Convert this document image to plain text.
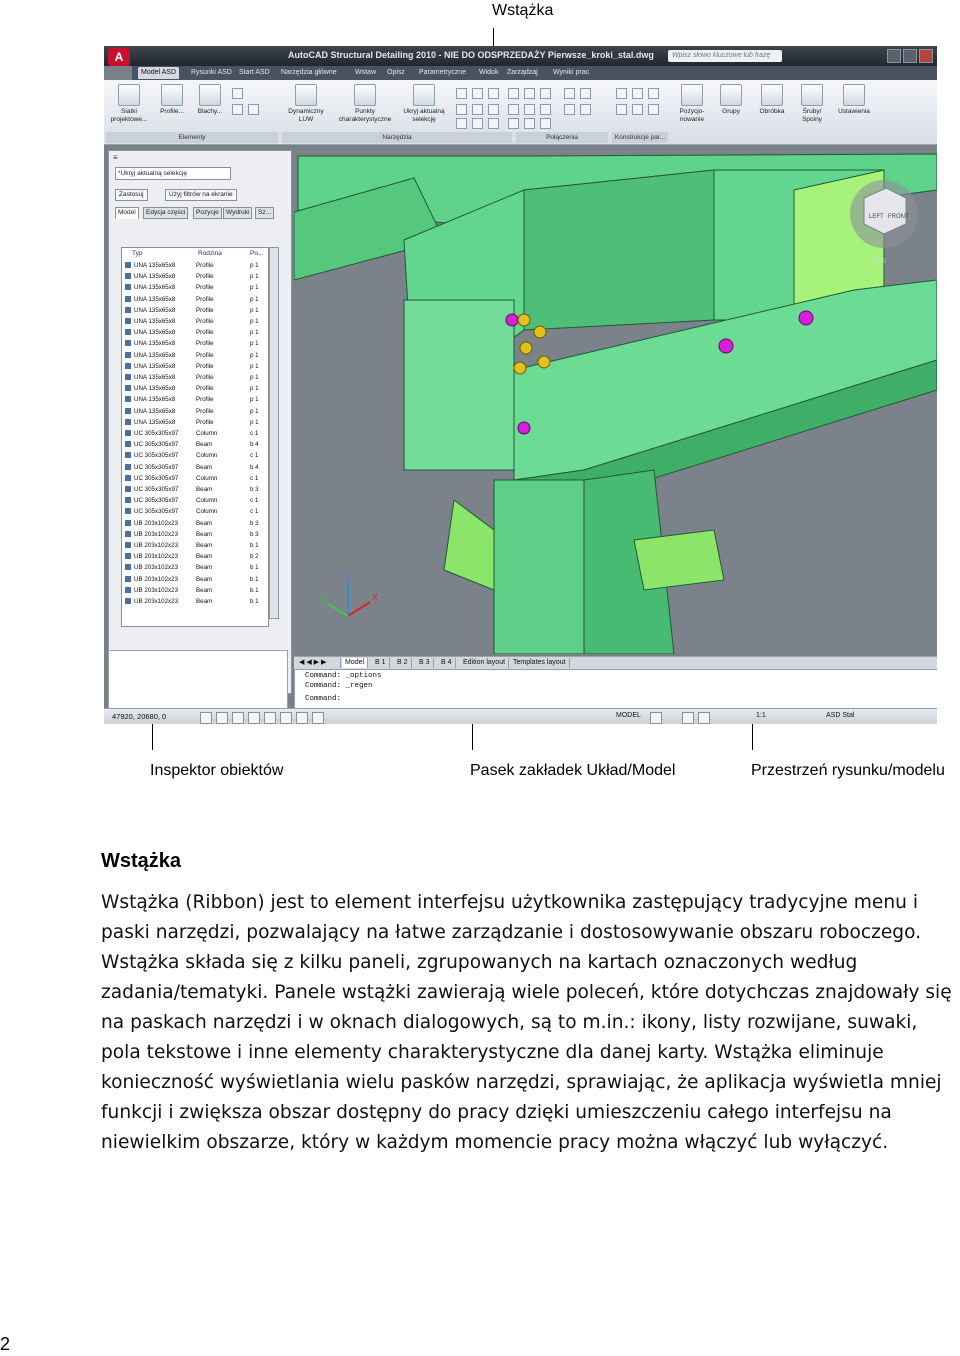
Wstążka
Inspektor obiektów	Pasek zakładek Układ/Model	Przestrzeń rysunku/modelu
A	AutoCAD Structural Detailing 2010 - NIE DO ODSPRZEDAŻY Pierwsze_kroki_stal.dwg	Wpisz słowo kluczowe lub frazę
Model ASD	Rysunki ASD	Start ASD	Narzędzia główne	Wstaw	Opisz	Parametryczne	Widok	Zarządzaj	Wyniki prac
Siatki projektowe...
Profile...	Blachy...	Dynamiczny LUW
Punkty charakterystyczne
Ukryj aktualną selekcję
Pozycjo-nowanie
Grupy	Obróbka	Śruby/ Spoiny
Ustawienia
Elementy	Narzędzia	Połączenia	Konstrukcje par...
≡
*Ukryj aktualną selekcję
Zastosuj	Użyj filtrów na ekranie
Model	Edycja części	Pozycje	Wydruki	Sz...
Typ	Rodzina	Po...
UNA 135x65x8	Profile	p 1
UNA 135x65x8	Profile	p 1
UNA 135x65x8	Profile	p 1
UNA 135x65x8	Profile	p 1
UNA 135x65x8	Profile	p 1
UNA 135x65x8	Profile	p 1
UNA 135x65x8	Profile	p 1
UNA 135x65x8	Profile	p 1
UNA 135x65x8	Profile	p 1
UNA 135x65x8	Profile	p 1
UNA 135x65x8	Profile	p 1
UNA 135x65x8	Profile	p 1
UNA 135x65x8	Profile	p 1
UNA 135x65x8	Profile	p 1
UNA 135x65x8	Profile	p 1
UC 305x305x97	Column	c 1
UC 305x305x97	Beam	b 4
UC 305x305x97	Column	c 1
UC 305x305x97	Beam	b 4
UC 305x305x97	Column	c 1
UC 305x305x97	Beam	b 3
UC 305x305x97	Column	c 1
UC 305x305x97	Column	c 1
UB 203x102x23	Beam	b 3
UB 203x102x23	Beam	b 3
UB 203x102x23	Beam	b 1
UB 203x102x23	Beam	b 2
UB 203x102x23	Beam	b 1
UB 203x102x23	Beam	b 1
UB 203x102x23	Beam	b 1
UB 203x102x23	Beam	b 1
LEFT FRONT
WCS
Z
X
Y
◀ ◀ ▶ ▶	Model	B 1	B 2	B 3	B 4	Edition layout	Templates layout
Command: _options
Command: _regen
Command:
47920, 20680, 0	MODEL	1:1	ASD Stal
Wstążka

Wstążka (Ribbon) jest to element interfejsu użytkownika zastępujący tradycyjne menu i paski narzędzi, pozwalający na łatwe zarządzanie i dostosowywanie obszaru roboczego. Wstążka składa się z kilku paneli, zgrupowanych na kartach oznaczonych według zadania/tematyki. Panele wstążki zawierają wiele poleceń, które dotychczas znajdowały się na paskach narzędzi i w oknach dialogowych, są to m.in.: ikony, listy rozwijane, suwaki, pola tekstowe i inne elementy charakterystyczne dla danej karty. Wstążka eliminuje konieczność wyświetlania wielu pasków narzędzi, sprawiając, że aplikacja wyświetla mniej funkcji i zwiększa obszar dostępny do pracy dzięki umieszczeniu całego interfejsu na niewielkim obszarze, który w każdym momencie pracy można włączyć lub wyłączyć.

2
